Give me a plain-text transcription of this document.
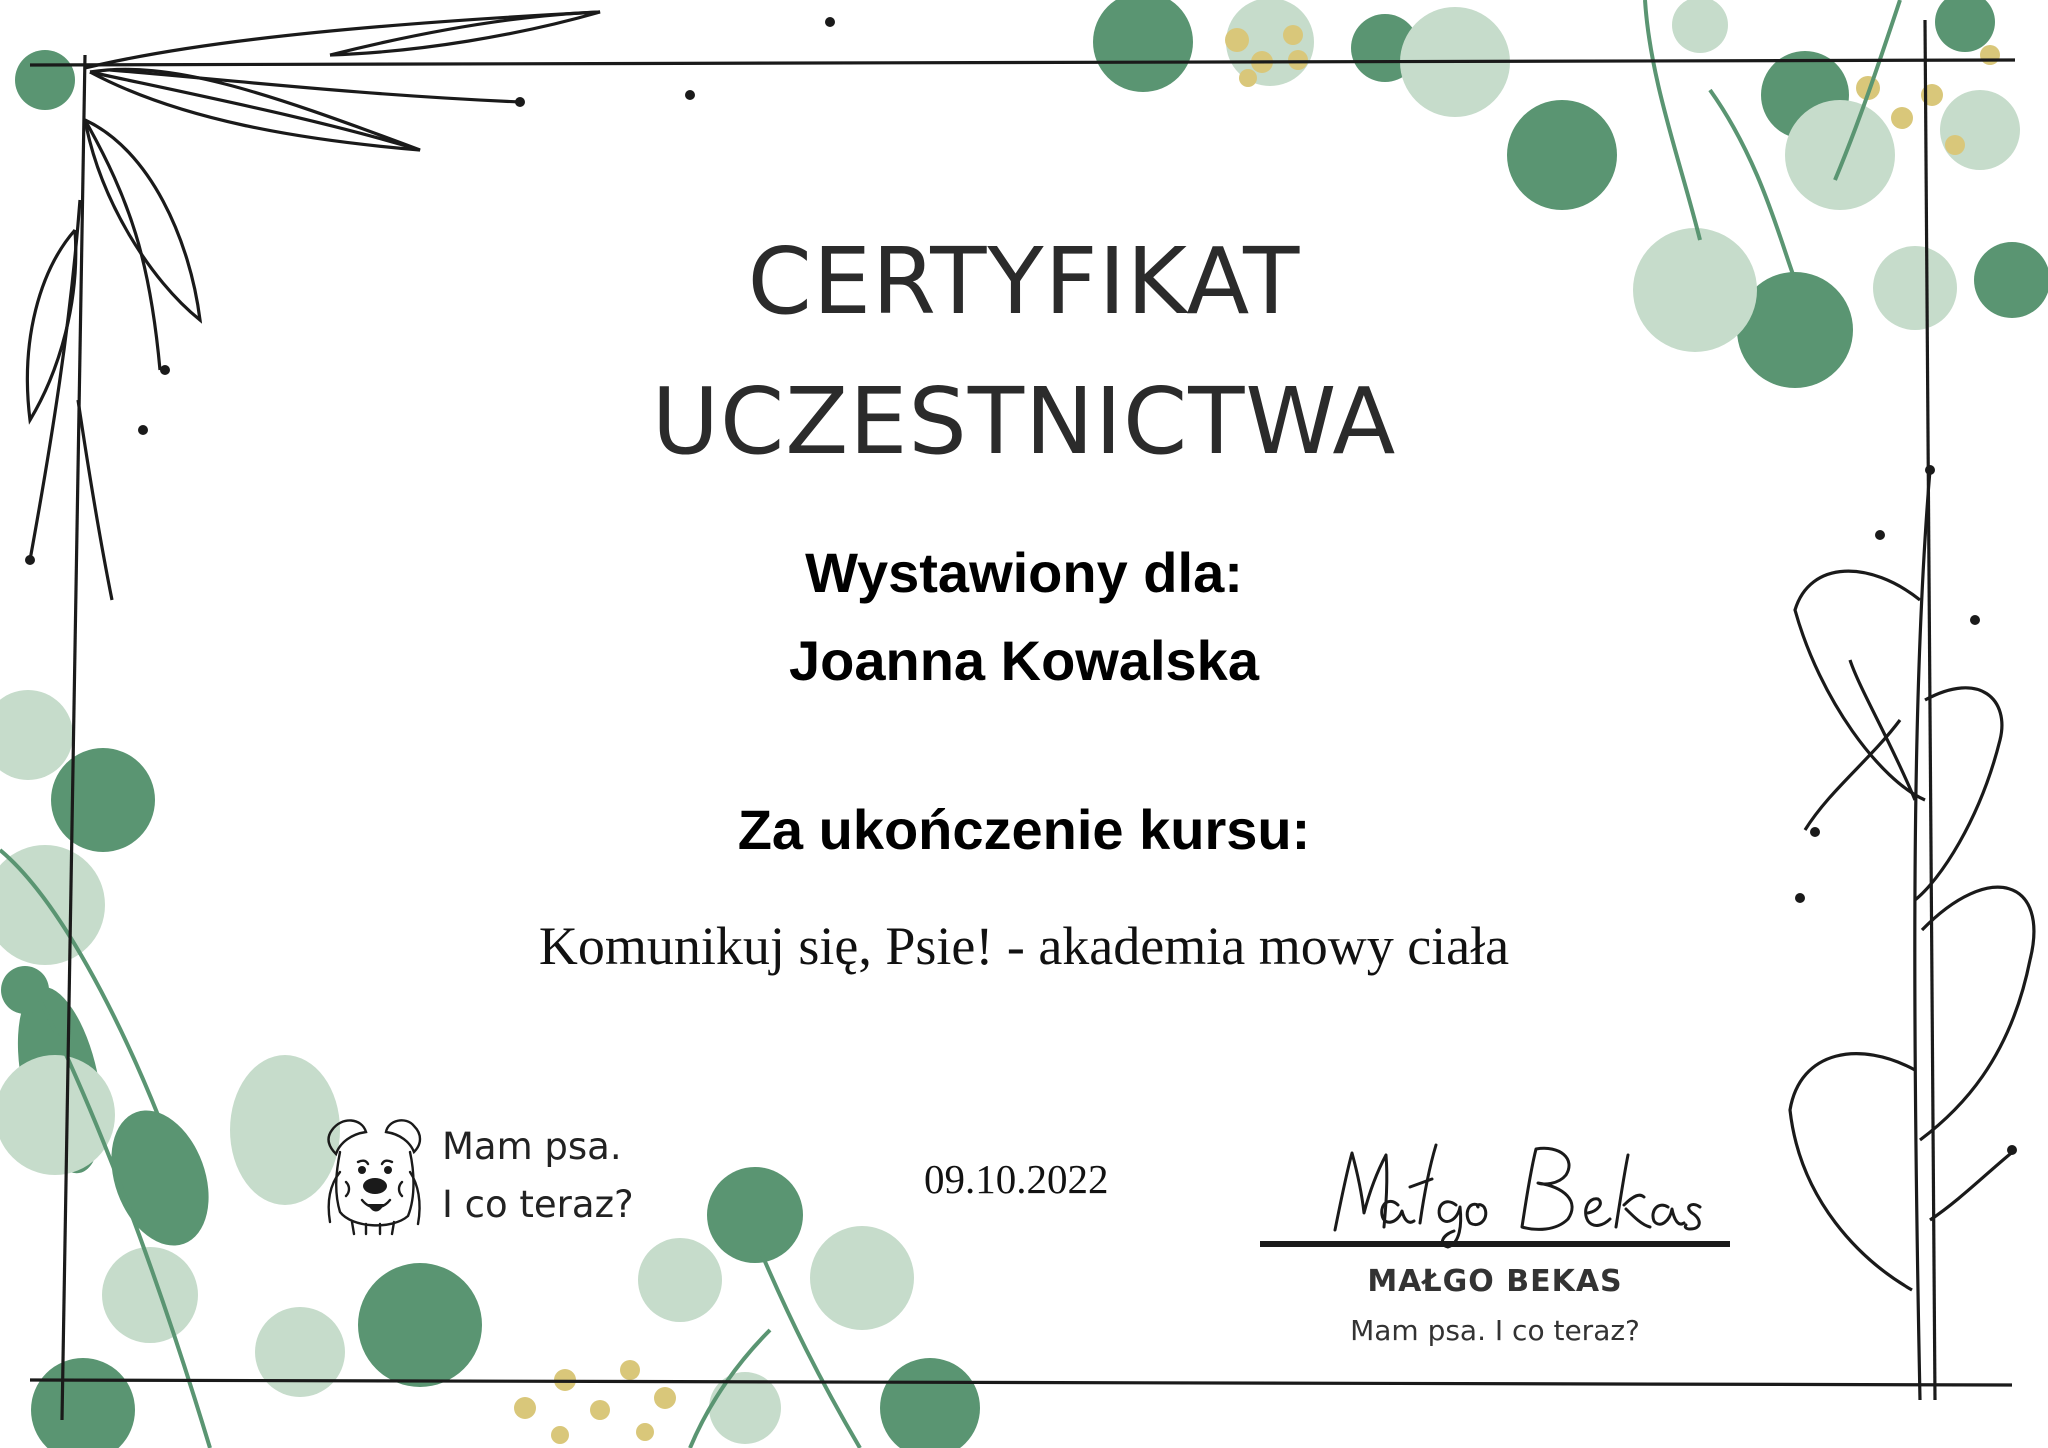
CERTYFIKAT
UCZESTNICTWA
Wystawiony dla:
Joanna Kowalska
Za ukończenie kursu:
Komunikuj się, Psie! - akademia mowy ciała
Mam psa.
I co teraz?
09.10.2022
MAŁGO BEKAS
Mam psa. I co teraz?
